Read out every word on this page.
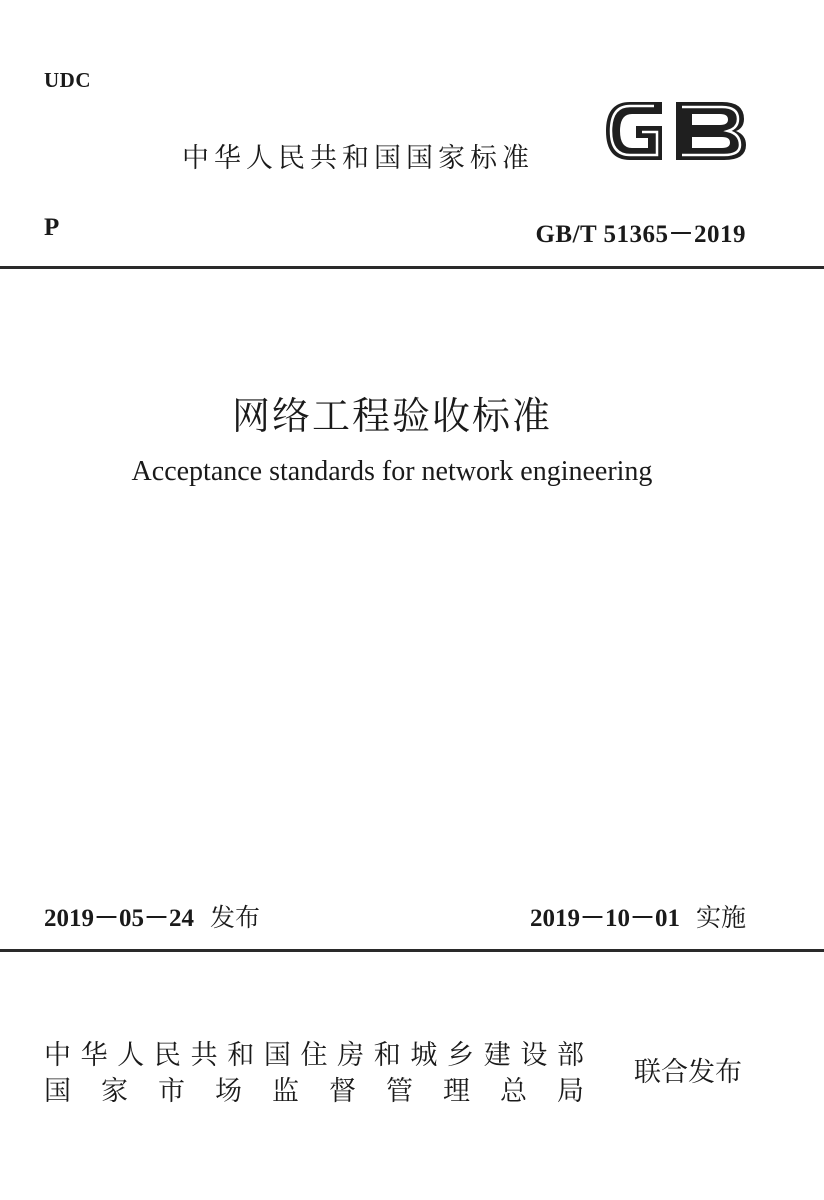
UDC
中华人民共和国国家标准
P	GB/T 51365－2019
网络工程验收标准
Acceptance standards for network engineering
2019－05－24 发布	2019－10－01 实施
中 华 人 民 共 和 国 住 房 和 城 乡 建 设 部
国 家 市 场 监 督 管 理 总 局
联合发布
